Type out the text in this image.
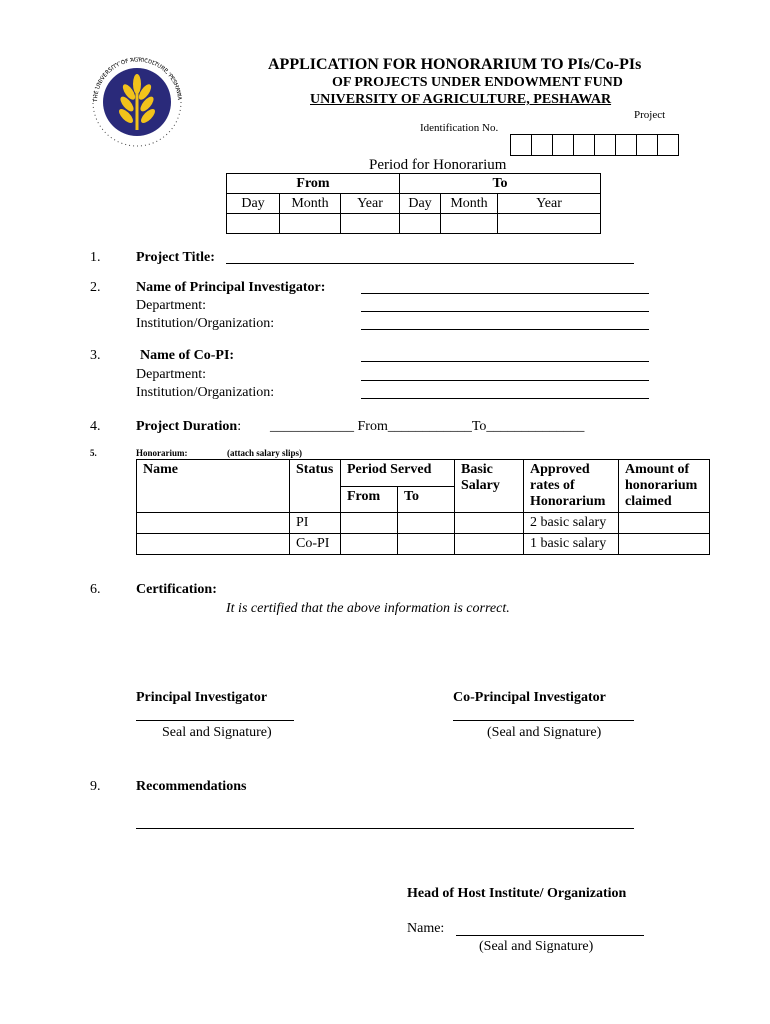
THE UNIVERSITY OF AGRICULTURE, PESHAWA
APPLICATION FOR HONORARIUM TO PIs/Co-PIs
OF PROJECTS UNDER ENDOWMENT FUND
UNIVERSITY OF AGRICULTURE, PESHAWAR
Project
Identification No.
Period for Honorarium
From			To		
Day	Month	Year	Day	Month	Year

1.	Project Title:
2.	Name of Principal Investigator:
Department:
Institution/Organization:
3.	Name of Co-PI:
Department:
Institution/Organization:
4.	Project Duration: ____________ From____________To______________
5.	Honorarium:	(attach salary slips)
Name	Status	Period Served		Basic Salary	Approved rates of Honorarium	Amount of honorarium claimed
		From	To			
	PI				2 basic salary	
	Co-PI				1 basic salary	
6.	Certification:
It is certified that the above information is correct.
Principal Investigator
Seal and Signature)
Co-Principal Investigator
(Seal and Signature)
9.	Recommendations
Head of Host Institute/ Organization
Name:
(Seal and Signature)
